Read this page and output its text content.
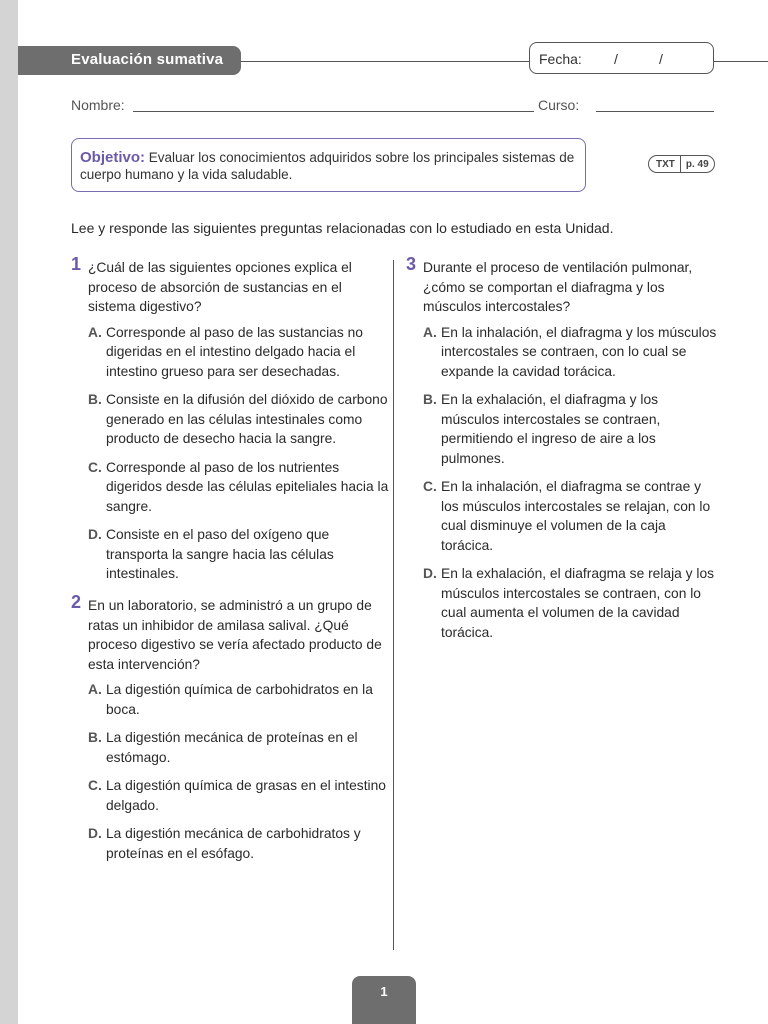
Evaluación sumativa	Fecha: /	/
Nombre:	Curso:
Objetivo: Evaluar los conocimientos adquiridos sobre los principales sistemas de cuerpo humano y la vida saludable.
TXT	p. 49
Lee y responde las siguientes preguntas relacionadas con lo estudiado en esta Unidad.
1 ¿Cuál de las siguientes opciones explica el proceso de absorción de sustancias en el sistema digestivo?
A. Corresponde al paso de las sustancias no digeridas en el intestino delgado hacia el intestino grueso para ser desechadas.
B. Consiste en la difusión del dióxido de carbono generado en las células intestinales como producto de desecho hacia la sangre.
C. Corresponde al paso de los nutrientes digeridos desde las células epiteliales hacia la sangre.
D. Consiste en el paso del oxígeno que transporta la sangre hacia las células intestinales.
2 En un laboratorio, se administró a un grupo de ratas un inhibidor de amilasa salival. ¿Qué proceso digestivo se vería afectado producto de esta intervención?
A. La digestión química de carbohidratos en la boca.
B. La digestión mecánica de proteínas en el estómago.
C. La digestión química de grasas en el intestino delgado.
D. La digestión mecánica de carbohidratos y proteínas en el esófago.
3 Durante el proceso de ventilación pulmonar, ¿cómo se comportan el diafragma y los músculos intercostales?
A. En la inhalación, el diafragma y los músculos intercostales se contraen, con lo cual se expande la cavidad torácica.
B. En la exhalación, el diafragma y los músculos intercostales se contraen, permitiendo el ingreso de aire a los pulmones.
C. En la inhalación, el diafragma se contrae y los músculos intercostales se relajan, con lo cual disminuye el volumen de la caja torácica.
D. En la exhalación, el diafragma se relaja y los músculos intercostales se contraen, con lo cual aumenta el volumen de la cavidad torácica.
1
